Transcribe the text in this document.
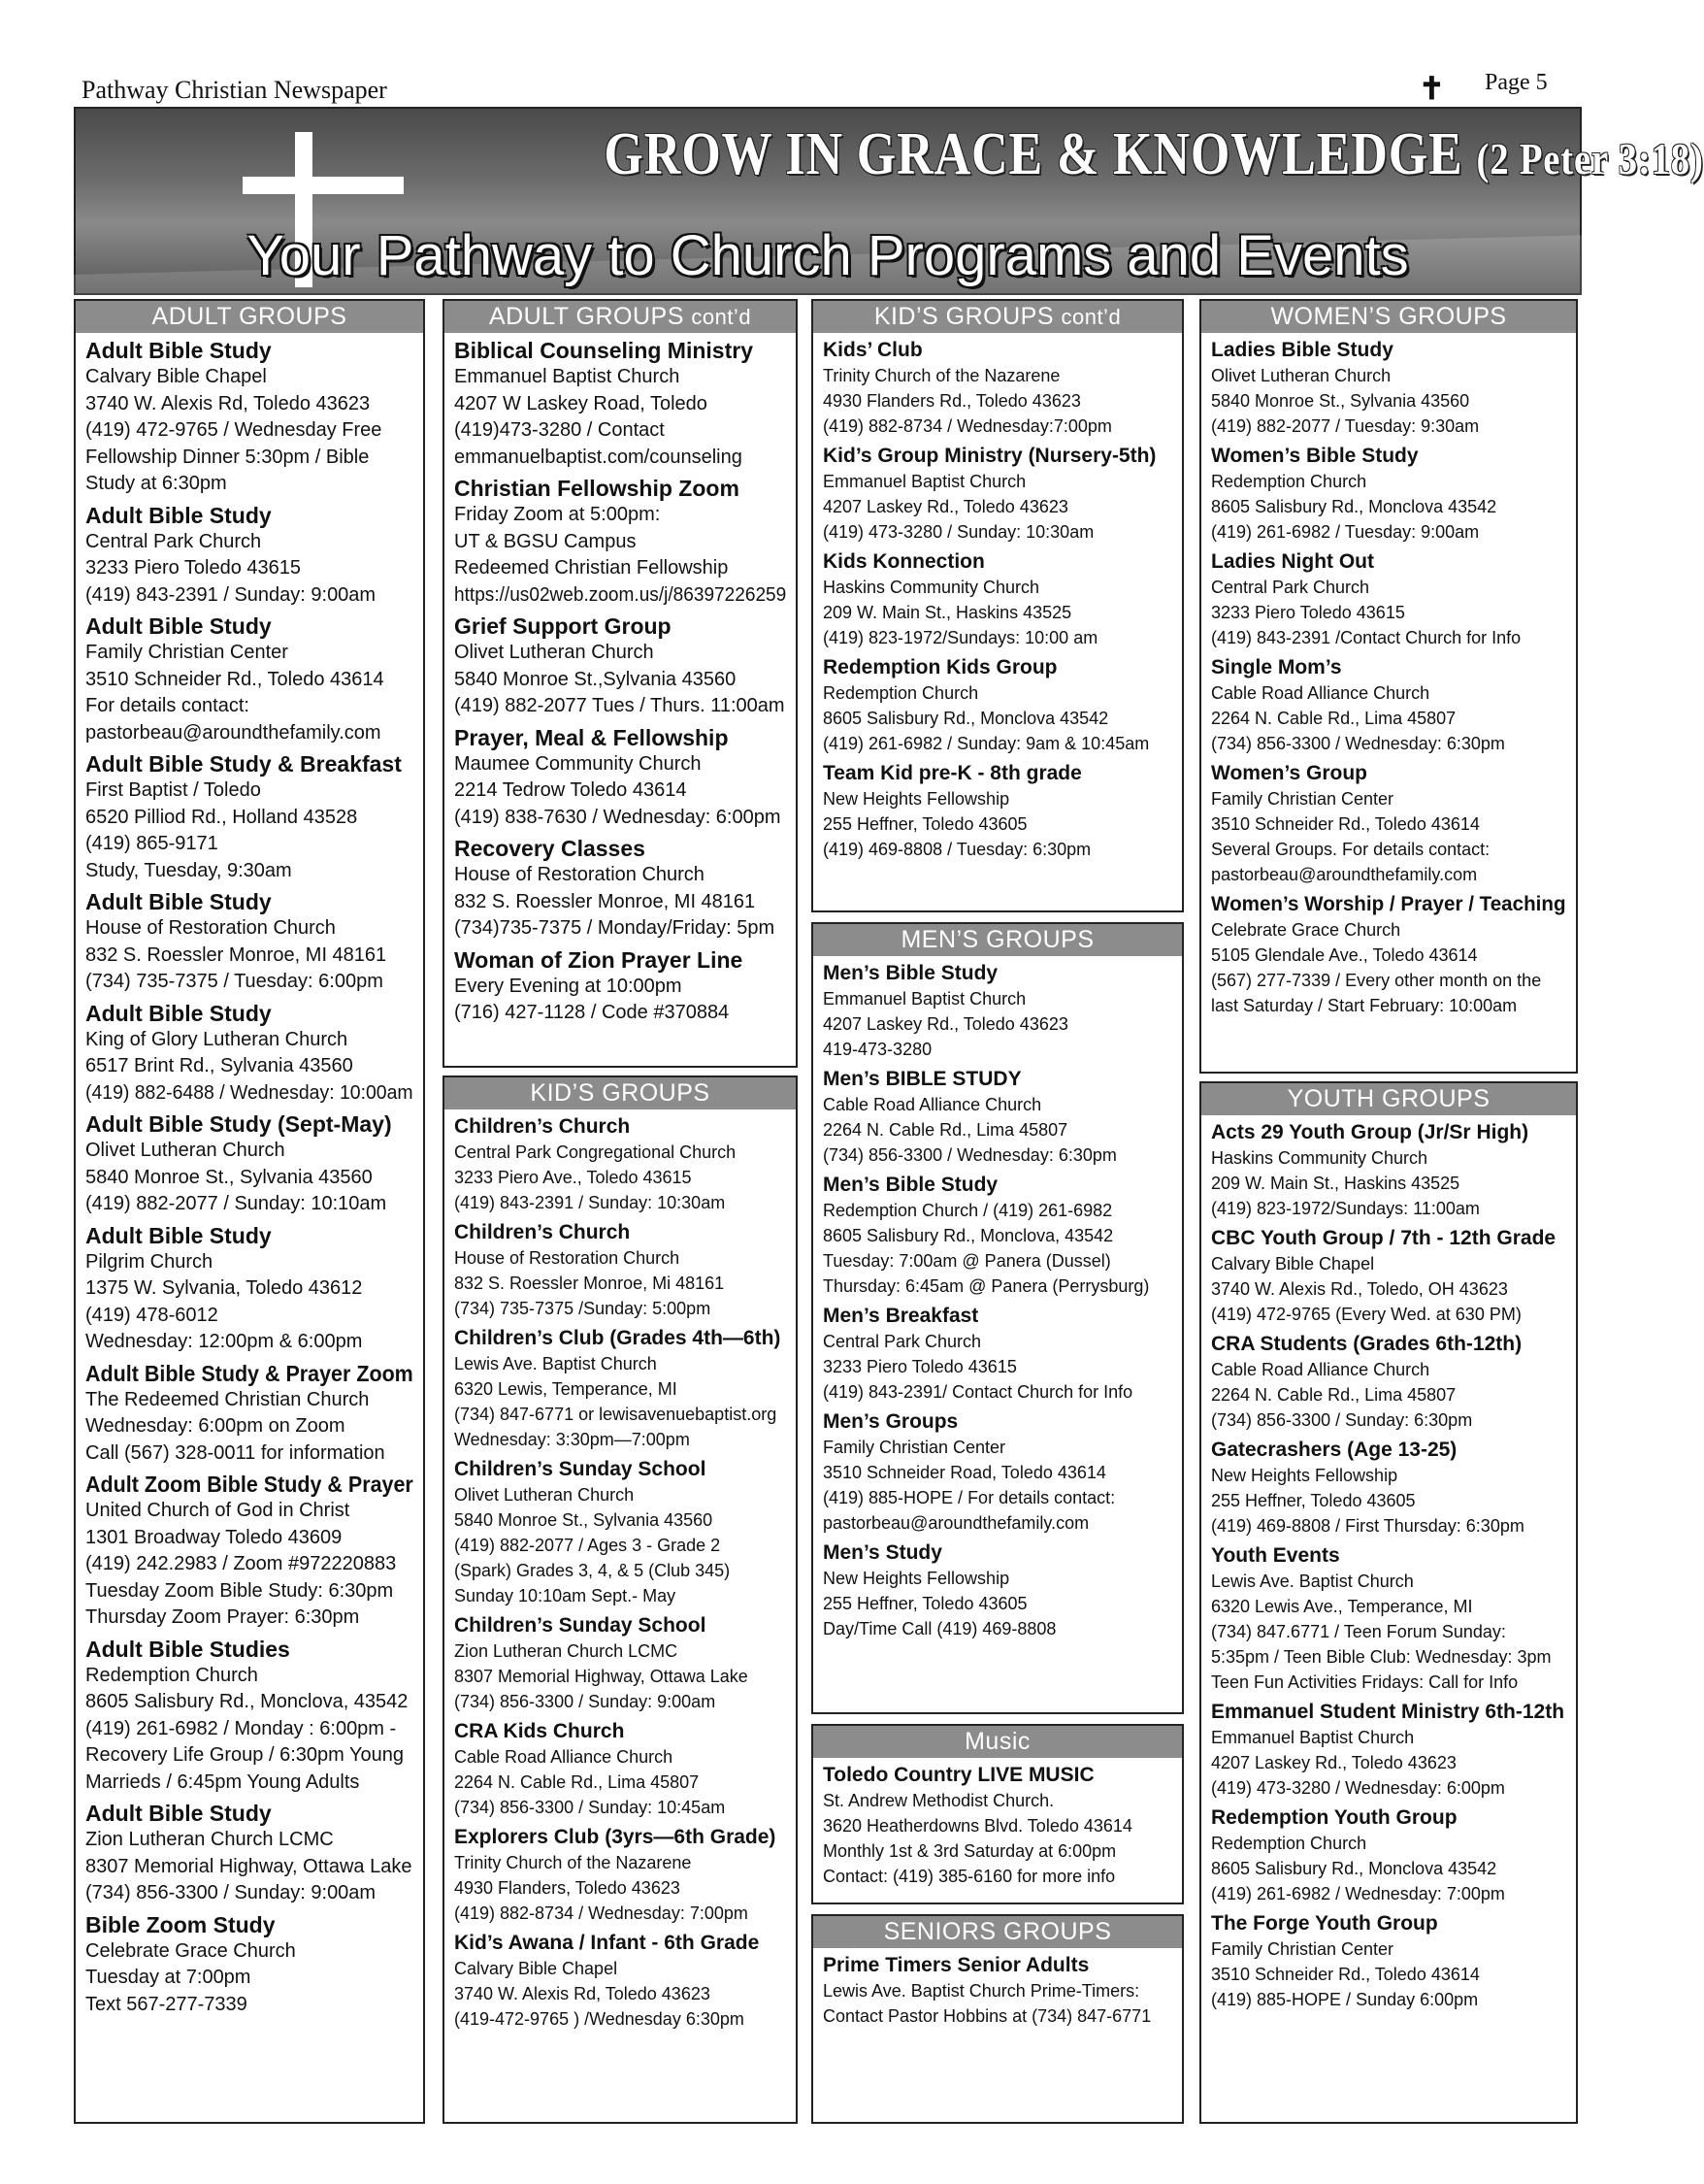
Pathway Christian Newspaper	✝ Page 5
GROW IN GRACE & KNOWLEDGE (2 Peter 3:18)
Your Pathway to Church Programs and Events
ADULT GROUPS
Adult Bible Study
Calvary Bible Chapel
3740 W. Alexis Rd, Toledo 43623
(419) 472-9765 / Wednesday Free
Fellowship Dinner 5:30pm / Bible
Study at 6:30pm
Adult Bible Study
Central Park Church
3233 Piero Toledo 43615
(419) 843-2391 / Sunday: 9:00am
Adult Bible Study
Family Christian Center
3510 Schneider Rd., Toledo 43614
For details contact:
pastorbeau@aroundthefamily.com
Adult Bible Study & Breakfast
First Baptist / Toledo
6520 Pilliod Rd., Holland 43528
(419) 865-9171
Study, Tuesday, 9:30am
Adult Bible Study
House of Restoration Church
832 S. Roessler Monroe, MI 48161
(734) 735-7375 / Tuesday: 6:00pm
Adult Bible Study
King of Glory Lutheran Church
6517 Brint Rd., Sylvania 43560
(419) 882-6488 / Wednesday: 10:00am
Adult Bible Study (Sept-May)
Olivet Lutheran Church
5840 Monroe St., Sylvania 43560
(419) 882-2077 / Sunday: 10:10am
Adult Bible Study
Pilgrim Church
1375 W. Sylvania, Toledo 43612
(419) 478-6012
Wednesday: 12:00pm & 6:00pm
Adult Bible Study & Prayer Zoom
The Redeemed Christian Church
Wednesday: 6:00pm on Zoom
Call (567) 328-0011 for information
Adult Zoom Bible Study & Prayer
United Church of God in Christ
1301 Broadway Toledo 43609
(419) 242.2983 / Zoom #972220883
Tuesday Zoom Bible Study: 6:30pm
Thursday Zoom Prayer: 6:30pm
Adult Bible Studies
Redemption Church
8605 Salisbury Rd., Monclova, 43542
(419) 261-6982 / Monday : 6:00pm -
Recovery Life Group / 6:30pm Young
Marrieds / 6:45pm Young Adults
Adult Bible Study
Zion Lutheran Church LCMC
8307 Memorial Highway, Ottawa Lake
(734) 856-3300 / Sunday: 9:00am
Bible Zoom Study
Celebrate Grace Church
Tuesday at 7:00pm
Text 567-277-7339
ADULT GROUPS cont’d
Biblical Counseling Ministry
Emmanuel Baptist Church
4207 W Laskey Road, Toledo
(419)473-3280 / Contact
emmanuelbaptist.com/counseling
Christian Fellowship Zoom
Friday Zoom at 5:00pm:
UT & BGSU Campus
Redeemed Christian Fellowship
https://us02web.zoom.us/j/86397226259
Grief Support Group
Olivet Lutheran Church
5840 Monroe St.,Sylvania 43560
(419) 882-2077 Tues / Thurs. 11:00am
Prayer, Meal & Fellowship
Maumee Community Church
2214 Tedrow Toledo 43614
(419) 838-7630 / Wednesday: 6:00pm
Recovery Classes
House of Restoration Church
832 S. Roessler Monroe, MI 48161
(734)735-7375 / Monday/Friday: 5pm
Woman of Zion Prayer Line
Every Evening at 10:00pm
(716) 427-1128 / Code #370884
KID’S GROUPS
Children’s Church
Central Park Congregational Church
3233 Piero Ave., Toledo 43615
(419) 843-2391 / Sunday: 10:30am
Children’s Church
House of Restoration Church
832 S. Roessler Monroe, Mi 48161
(734) 735-7375 /Sunday: 5:00pm
Children’s Club (Grades 4th—6th)
Lewis Ave. Baptist Church
6320 Lewis, Temperance, MI
(734) 847-6771 or lewisavenuebaptist.org
Wednesday: 3:30pm—7:00pm
Children’s Sunday School
Olivet Lutheran Church
5840 Monroe St., Sylvania 43560
(419) 882-2077 / Ages 3 - Grade 2
(Spark) Grades 3, 4, & 5 (Club 345)
Sunday 10:10am Sept.- May
Children’s Sunday School
Zion Lutheran Church LCMC
8307 Memorial Highway, Ottawa Lake
(734) 856-3300 / Sunday: 9:00am
CRA Kids Church
Cable Road Alliance Church
2264 N. Cable Rd., Lima 45807
(734) 856-3300 / Sunday: 10:45am
Explorers Club (3yrs—6th Grade)
Trinity Church of the Nazarene
4930 Flanders, Toledo 43623
(419) 882-8734 / Wednesday: 7:00pm
Kid’s Awana / Infant - 6th Grade
Calvary Bible Chapel
3740 W. Alexis Rd, Toledo 43623
(419-472-9765 ) /Wednesday 6:30pm
KID’S GROUPS cont’d
Kids’ Club
Trinity Church of the Nazarene
4930 Flanders Rd., Toledo 43623
(419) 882-8734 / Wednesday:7:00pm
Kid’s Group Ministry (Nursery-5th)
Emmanuel Baptist Church
4207 Laskey Rd., Toledo 43623
(419) 473-3280 / Sunday: 10:30am
Kids Konnection
Haskins Community Church
209 W. Main St., Haskins 43525
(419) 823-1972/Sundays: 10:00 am
Redemption Kids Group
Redemption Church
8605 Salisbury Rd., Monclova 43542
(419) 261-6982 / Sunday: 9am & 10:45am
Team Kid pre-K - 8th grade
New Heights Fellowship
255 Heffner, Toledo 43605
(419) 469-8808 / Tuesday: 6:30pm
MEN’S GROUPS
Men’s Bible Study
Emmanuel Baptist Church
4207 Laskey Rd., Toledo 43623
419-473-3280
Men’s BIBLE STUDY
Cable Road Alliance Church
2264 N. Cable Rd., Lima 45807
(734) 856-3300 / Wednesday: 6:30pm
Men’s Bible Study
Redemption Church / (419) 261-6982
8605 Salisbury Rd., Monclova, 43542
Tuesday: 7:00am @ Panera (Dussel)
Thursday: 6:45am @ Panera (Perrysburg)
Men’s Breakfast
Central Park Church
3233 Piero Toledo 43615
(419) 843-2391/ Contact Church for Info
Men’s Groups
Family Christian Center
3510 Schneider Road, Toledo 43614
(419) 885-HOPE / For details contact:
pastorbeau@aroundthefamily.com
Men’s Study
New Heights Fellowship
255 Heffner, Toledo 43605
Day/Time Call (419) 469-8808
Music
Toledo Country LIVE MUSIC
St. Andrew Methodist Church.
3620 Heatherdowns Blvd. Toledo 43614
Monthly 1st & 3rd Saturday at 6:00pm
Contact: (419) 385-6160 for more info
SENIORS GROUPS
Prime Timers Senior Adults
Lewis Ave. Baptist Church Prime-Timers:
Contact Pastor Hobbins at (734) 847-6771
WOMEN’S GROUPS
Ladies Bible Study
Olivet Lutheran Church
5840 Monroe St., Sylvania 43560
(419) 882-2077 / Tuesday: 9:30am
Women’s Bible Study
Redemption Church
8605 Salisbury Rd., Monclova 43542
(419) 261-6982 / Tuesday: 9:00am
Ladies Night Out
Central Park Church
3233 Piero Toledo 43615
(419) 843-2391 /Contact Church for Info
Single Mom’s
Cable Road Alliance Church
2264 N. Cable Rd., Lima 45807
(734) 856-3300 / Wednesday: 6:30pm
Women’s Group
Family Christian Center
3510 Schneider Rd., Toledo 43614
Several Groups. For details contact:
pastorbeau@aroundthefamily.com
Women’s Worship / Prayer / Teaching
Celebrate Grace Church
5105 Glendale Ave., Toledo 43614
(567) 277-7339 / Every other month on the
last Saturday / Start February: 10:00am
YOUTH GROUPS
Acts 29 Youth Group (Jr/Sr High)
Haskins Community Church
209 W. Main St., Haskins 43525
(419) 823-1972/Sundays: 11:00am
CBC Youth Group / 7th - 12th Grade
Calvary Bible Chapel
3740 W. Alexis Rd., Toledo, OH 43623
(419) 472-9765 (Every Wed. at 630 PM)
CRA Students (Grades 6th-12th)
Cable Road Alliance Church
2264 N. Cable Rd., Lima 45807
(734) 856-3300 / Sunday: 6:30pm
Gatecrashers (Age 13-25)
New Heights Fellowship
255 Heffner, Toledo 43605
(419) 469-8808 / First Thursday: 6:30pm
Youth Events
Lewis Ave. Baptist Church
6320 Lewis Ave., Temperance, MI
(734) 847.6771 / Teen Forum Sunday:
5:35pm / Teen Bible Club: Wednesday: 3pm
Teen Fun Activities Fridays: Call for Info
Emmanuel Student Ministry 6th-12th
Emmanuel Baptist Church
4207 Laskey Rd., Toledo 43623
(419) 473-3280 / Wednesday: 6:00pm
Redemption Youth Group
Redemption Church
8605 Salisbury Rd., Monclova 43542
(419) 261-6982 / Wednesday: 7:00pm
The Forge Youth Group
Family Christian Center
3510 Schneider Rd., Toledo 43614
(419) 885-HOPE / Sunday 6:00pm
